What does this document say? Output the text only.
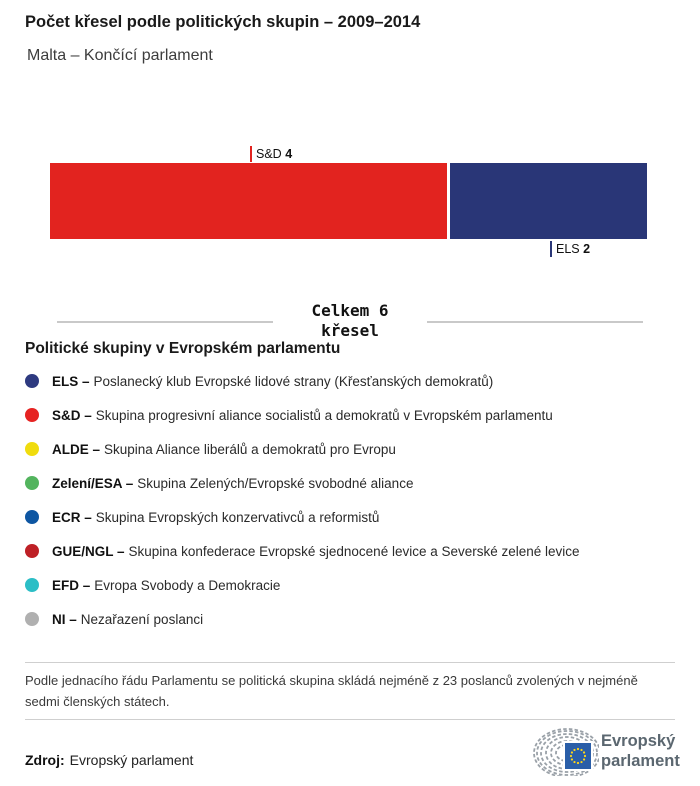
Počet křesel podle politických skupin – 2009–2014
Malta – Končící parlament
S&D 4
ELS 2
Celkem 6
křesel
Politické skupiny v Evropském parlamentu
ELS – Poslanecký klub Evropské lidové strany (Křesťanských demokratů)
S&D – Skupina progresivní aliance socialistů a demokratů v Evropském parlamentu
ALDE – Skupina Aliance liberálů a demokratů pro Evropu
Zelení/ESA – Skupina Zelených/Evropské svobodné aliance
ECR – Skupina Evropských konzervativců a reformistů
GUE/NGL – Skupina konfederace Evropské sjednocené levice a Severské zelené levice
EFD – Evropa Svobody a Demokracie
NI – Nezařazení poslanci
Podle jednacího řádu Parlamentu se politická skupina skládá nejméně z 23 poslanců zvolených v nejméně sedmi členských státech.
Zdroj: Evropský parlament
Evropský
parlament
